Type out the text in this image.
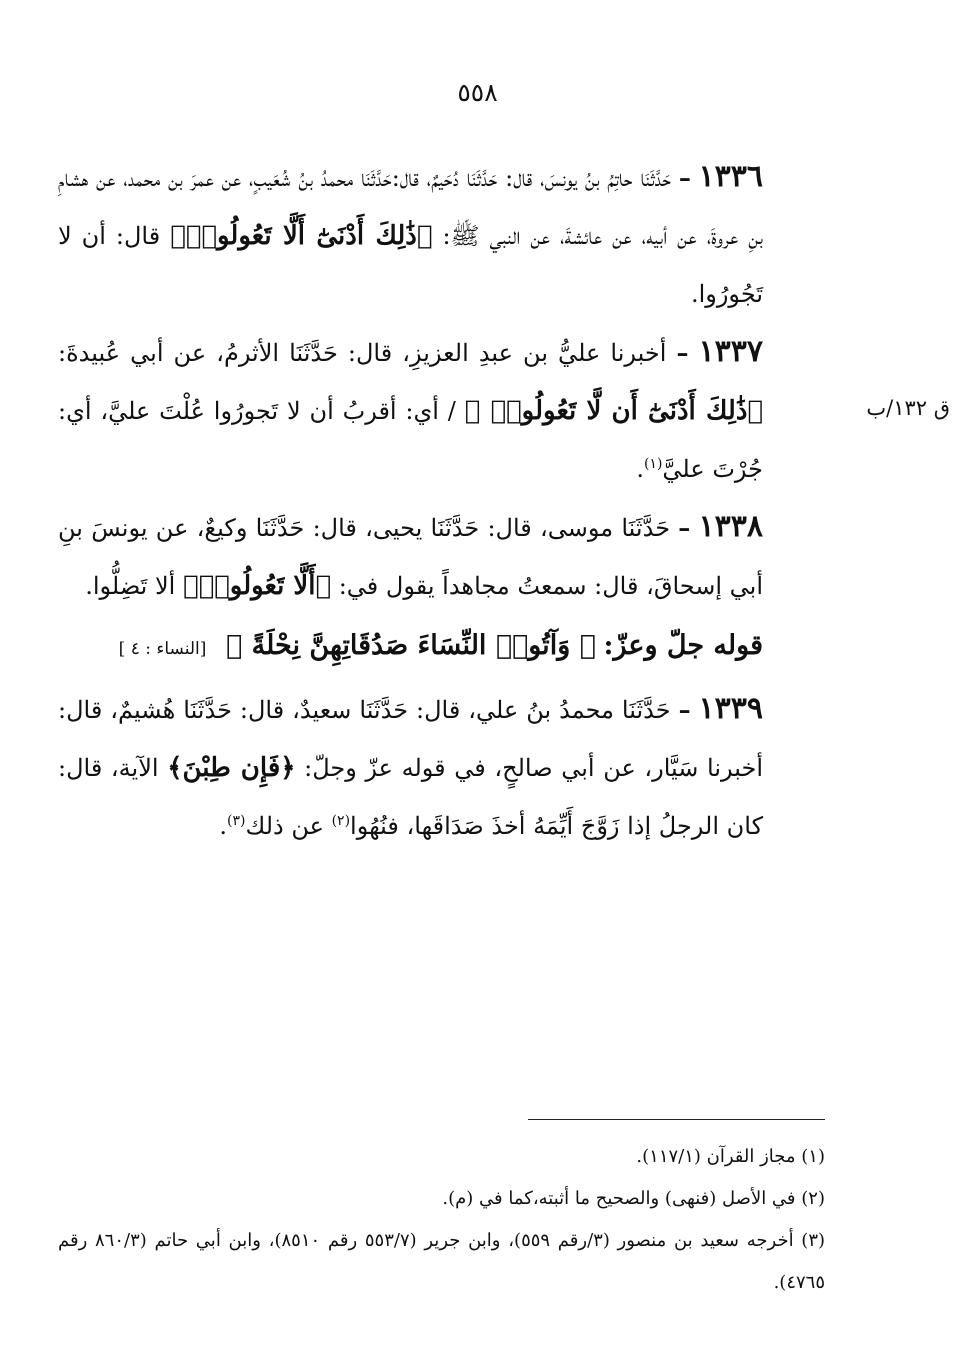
٥٥٨
ق ١٣٢/ب

١٣٣٦ – حَدَّثَنَا حاتِمُ بنُ يونسَ، قال: حَدَّثَنَا دُحَيمٌ، قال:حَدَّثَنَا محمدُ بنُ شُعَيبٍ، عن عمرَ بن محمد، عن هشامِ بنِ عروةَ، عن أبيه، عن عائشةَ، عن النبي ﷺ: ﴿ذَٰلِكَ أَدْنَىٰٓ أَلَّا تَعُولُوا۟﴾ قال: أن لا تَجُورُوا.

١٣٣٧ – أخبرنا عليُّ بن عبدِ العزيزِ، قال: حَدَّثَنَا الأثرمُ، عن أبي عُبيدةَ: ﴿ذَٰلِكَ أَدْنَىٰٓ أَن لَّا تَعُولُوا۟ ﴾ / أي: أقربُ أن لا تَجورُوا عُلْتَ عليَّ، أي: جُرْتَ عليَّ$^{(١)}$.

١٣٣٨ – حَدَّثَنَا موسى، قال: حَدَّثَنَا يحيى، قال: حَدَّثَنَا وكيعٌ، عن يونسَ بنِ أبي إسحاقَ، قال: سمعتُ مجاهداً يقول في: ﴿أَلَّا تَعُولُوا۟﴾ ألا تَضِلُّوا.

قوله جلّ وعزّ: ﴿ وَآتُوا۟ النِّسَاءَ صَدُقَاتِهِنَّ نِحْلَةً ﴾ [النساء : ٤ ]

١٣٣٩ – حَدَّثَنَا محمدُ بنُ علي، قال: حَدَّثَنَا سعيدٌ، قال: حَدَّثَنَا هُشيمٌ، قال: أخبرنا سَيَّار، عن أبي صالحٍ، في قوله عزّ وجلّ: ﴿فَإِن طِبْنَ﴾ الآية، قال: كان الرجلُ إذا زَوَّجَ أَيِّمَهُ أخذَ صَدَاقَها، فنُهُوا$^{(٢)}$ عن ذلك$^{(٣)}$.

(١) مجاز القرآن (١١٧/١).

(٢) في الأصل (فنهى) والصحيح ما أثبته،كما في (م).

(٣) أخرجه سعيد بن منصور (٣/رقم ٥٥٩)، وابن جرير (٥٥٣/٧ رقم ٨٥١٠)، وابن أبي حاتم (٨٦٠/٣ رقم ٤٧٦٥).
